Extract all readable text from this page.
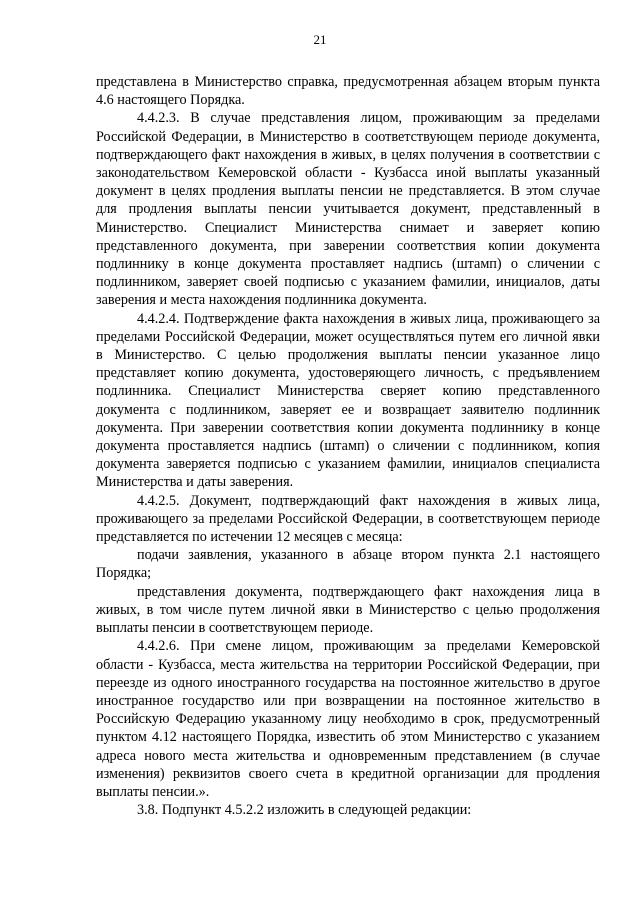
21

представлена в Министерство справка, предусмотренная абзацем вторым пункта 4.6 настоящего Порядка.

4.4.2.3. В случае представления лицом, проживающим за пределами Российской Федерации, в Министерство в соответствующем периоде документа, подтверждающего факт нахождения в живых, в целях получения в соответствии с законодательством Кемеровской области - Кузбасса иной выплаты указанный документ в целях продления выплаты пенсии не представляется. В этом случае для продления выплаты пенсии учитывается документ, представленный в Министерство. Специалист Министерства снимает и заверяет копию представленного документа, при заверении соответствия копии документа подлиннику в конце документа проставляет надпись (штамп) о сличении с подлинником, заверяет своей подписью с указанием фамилии, инициалов, даты заверения и места нахождения подлинника документа.

4.4.2.4. Подтверждение факта нахождения в живых лица, проживающего за пределами Российской Федерации, может осуществляться путем его личной явки в Министерство. С целью продолжения выплаты пенсии указанное лицо представляет копию документа, удостоверяющего личность, с предъявлением подлинника. Специалист Министерства сверяет копию представленного документа с подлинником, заверяет ее и возвращает заявителю подлинник документа. При заверении соответствия копии документа подлиннику в конце документа проставляется надпись (штамп) о сличении с подлинником, копия документа заверяется подписью с указанием фамилии, инициалов специалиста Министерства и даты заверения.

4.4.2.5. Документ, подтверждающий факт нахождения в живых лица, проживающего за пределами Российской Федерации, в соответствующем периоде представляется по истечении 12 месяцев с месяца:

подачи заявления, указанного в абзаце втором пункта 2.1 настоящего Порядка;

представления документа, подтверждающего факт нахождения лица в живых, в том числе путем личной явки в Министерство с целью продолжения выплаты пенсии в соответствующем периоде.

4.4.2.6. При смене лицом, проживающим за пределами Кемеровской области - Кузбасса, места жительства на территории Российской Федерации, при переезде из одного иностранного государства на постоянное жительство в другое иностранное государство или при возвращении на постоянное жительство в Российскую Федерацию указанному лицу необходимо в срок, предусмотренный пунктом 4.12 настоящего Порядка, известить об этом Министерство с указанием адреса нового места жительства и одновременным представлением (в случае изменения) реквизитов своего счета в кредитной организации для продления выплаты пенсии.».

3.8. Подпункт 4.5.2.2 изложить в следующей редакции:
